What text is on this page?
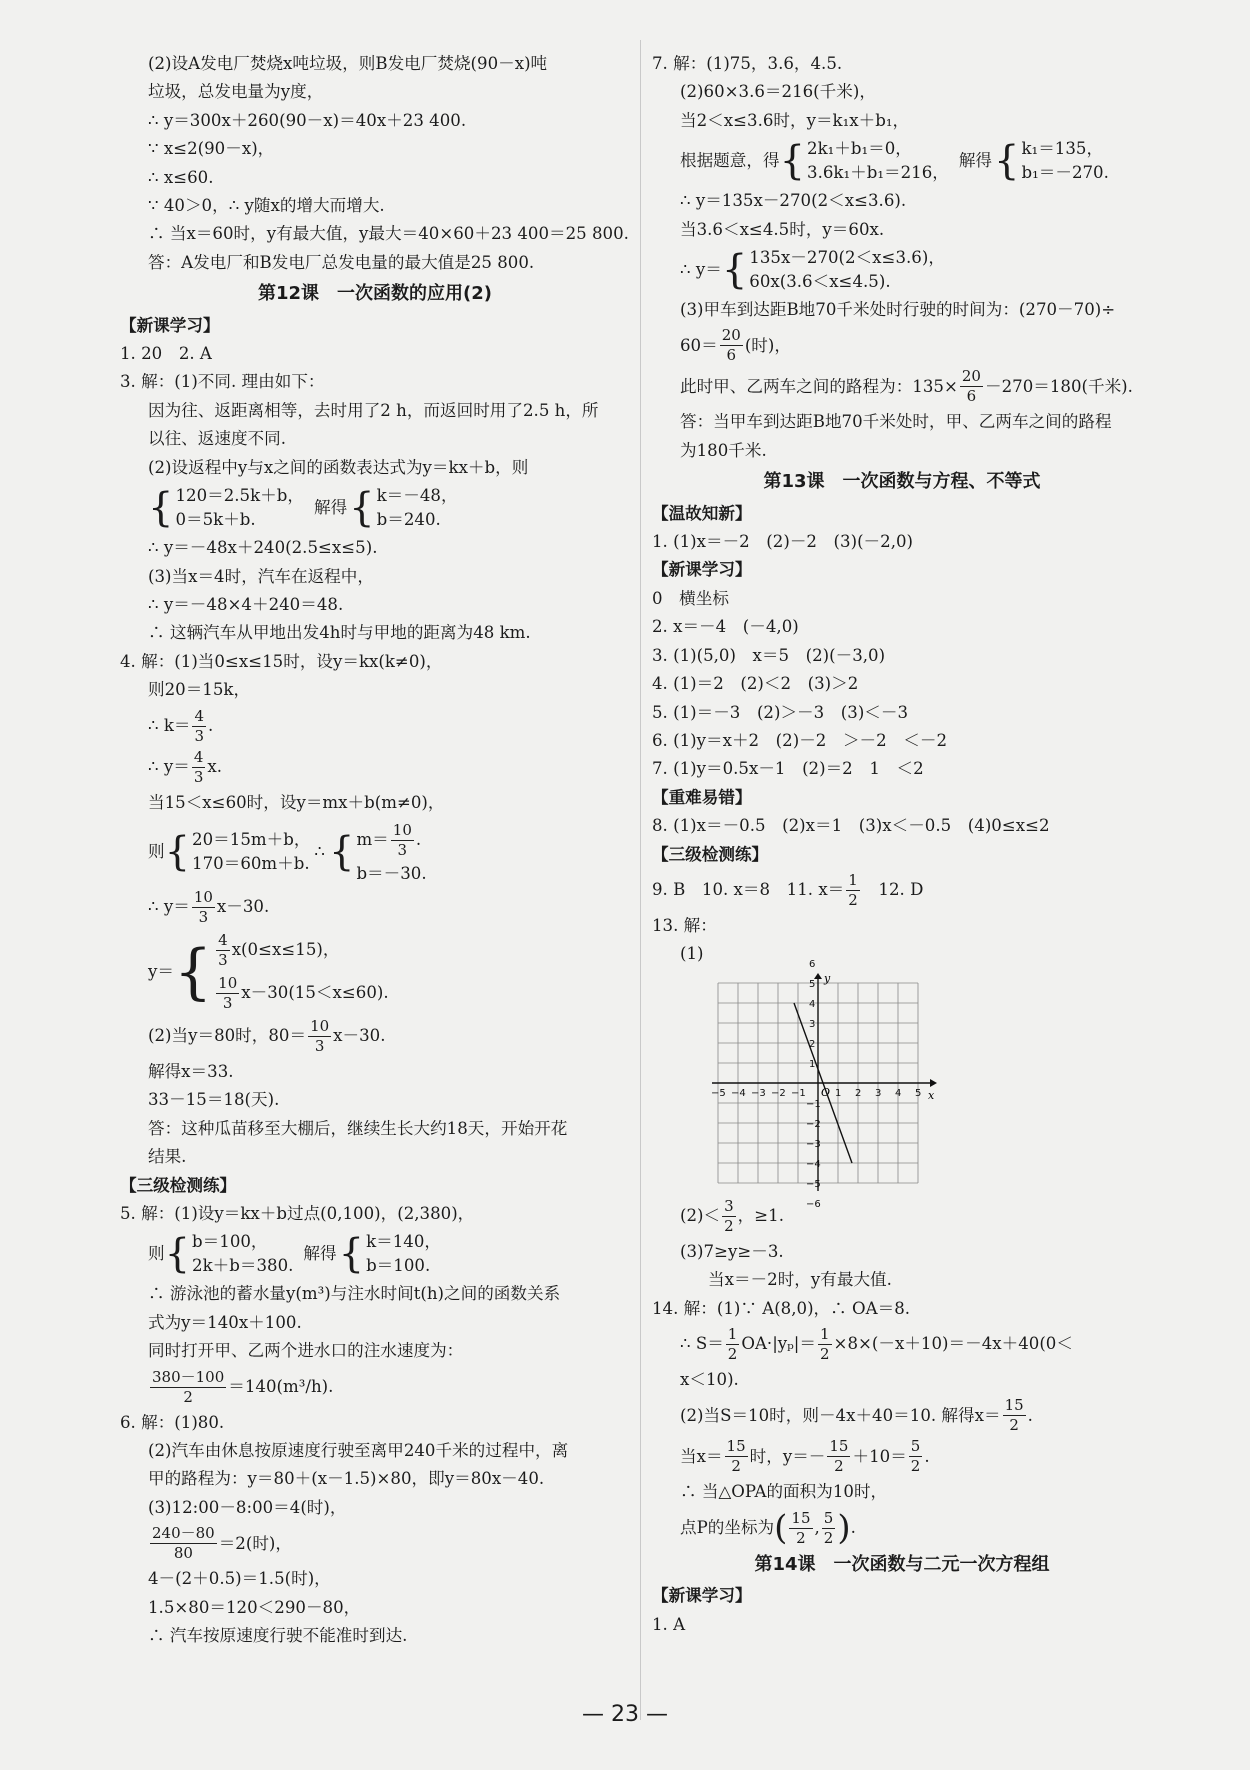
(2)设A发电厂焚烧x吨垃圾，则B发电厂焚烧(90－x)吨
垃圾，总发电量为y度，
∴ y＝300x＋260(90－x)＝40x＋23 400.
∵ x≤2(90－x)，
∴ x≤60.
∵ 40＞0，∴ y随x的增大而增大.
∴ 当x＝60时，y有最大值，y最大＝40×60＋23 400＝25 800.
答：A发电厂和B发电厂总发电量的最大值是25 800.
第12课　一次函数的应用(2)
【新课学习】
1. 20　2. A
3. 解：(1)不同. 理由如下：
因为往、返距离相等，去时用了2 h，而返回时用了2.5 h，所
以往、返速度不同.
(2)设返程中y与x之间的函数表达式为y＝kx＋b，则
{ 120＝2.5k＋b，
0＝5k＋b.
解得 { k＝－48，
b＝240.
∴ y＝－48x＋240(2.5≤x≤5).
(3)当x＝4时，汽车在返程中，
∴ y＝－48×4＋240＝48.
∴ 这辆汽车从甲地出发4h时与甲地的距离为48 km.
4. 解：(1)当0≤x≤15时，设y＝kx(k≠0)，
则20＝15k，
∴ $k= \frac{4}{3}$ .
∴ $y= \frac{4}{3} x$.
当15＜x≤60时，设y＝mx＋b(m≠0)，
则 { 20＝15m＋b，
170＝60m＋b.
∴ { $m= \frac{10}{3}$ .
b＝－30.
∴ $y= \frac{10}{3} x-30$.
y＝ { $\frac{4}{3} x(0\le x\le 15)$，
$\frac{10}{3} x-30(15<x\le 60)$.
(2)当y＝80时，$80= \frac{10}{3} x-30$.
解得x＝33.
33－15＝18(天).
答：这种瓜苗移至大棚后，继续生长大约18天，开始开花
结果.
【三级检测练】
5. 解：(1)设y＝kx＋b过点(0,100)，(2,380)，
则 { b＝100，
2k＋b＝380.
解得 { k＝140，
b＝100.
∴ 游泳池的蓄水量y(m³)与注水时间t(h)之间的函数关系
式为y＝140x＋100.
同时打开甲、乙两个进水口的注水速度为：
$\frac{380-100}{2} =140(m^3/h)$.
6. 解：(1)80.
(2)汽车由休息按原速度行驶至离甲240千米的过程中，离
甲的路程为：y＝80＋(x－1.5)×80，即y＝80x－40.
(3)12:00－8:00＝4(时)，
$\frac{240-80}{80} =2$(时)，
4－(2＋0.5)＝1.5(时)，
1.5×80＝120＜290－80，
∴ 汽车按原速度行驶不能准时到达.
7. 解：(1)75，3.6，4.5.
(2)60×3.6＝216(千米)，
当2＜x≤3.6时，y＝k₁x＋b₁，
根据题意，得 { 2k₁＋b₁＝0，
3.6k₁＋b₁＝216，
解得 { k₁＝135，
b₁＝－270.
∴ y＝135x－270(2＜x≤3.6).
当3.6＜x≤4.5时，y＝60x.
∴ y＝ { 135x－270(2＜x≤3.6)，
60x(3.6＜x≤4.5).
(3)甲车到达距B地70千米处时行驶的时间为：(270－70)÷
$60= \frac{20}{6}$ (时)，
此时甲、乙两车之间的路程为：$135\times \frac{20}{6} -270=180$(千米).
答：当甲车到达距B地70千米处时，甲、乙两车之间的路程
为180千米.
第13课　一次函数与方程、不等式
【温故知新】
1. (1)x＝－2　(2)－2　(3)(－2,0)
【新课学习】
0　横坐标
2. x＝－4　(－4,0)
3. (1)(5,0)　x＝5　(2)(－3,0)
4. (1)＝2　(2)＜2　(3)＞2
5. (1)＝－3　(2)＞－3　(3)＜－3
6. (1)y＝x＋2　(2)－2　＞－2　＜－2
7. (1)y＝0.5x－1　(2)＝2　1　＜2
【重难易错】
8. (1)x＝－0.5　(2)x＝1　(3)x＜－0.5　(4)0≤x≤2
【三级检测练】
9. B　10. x＝8　11. $x= \frac{1}{2}$ 　12. D
13. 解：
(1)
x
y
O
−5 −4 −3 −2 −1	1 2 3 4 5
−6
−5
−4
−3
−2
−1
1
2
3
4
5
6
$(2)< \frac{3}{2}$ ，≥1.
(3)7≥y≥－3.
当x＝－2时，y有最大值.
14. 解：(1)∵ A(8,0)，∴ OA＝8.
∴ $S= \frac{1}{2} OA\cdot|y_p|= \frac{1}{2} \times 8\times(-x+10)=-4x+40(0<$
x＜10).
(2)当S＝10时，则－4x＋40＝10. 解得$x= \frac{15}{2}$ .
当$x= \frac{15}{2}$ 时，$y=- \frac{15}{2} +10= \frac{5}{2}$ .
∴ 当△OPA的面积为10时，
点P的坐标为 ( $\frac{15}{2}$ , $\frac{5}{2}$ ) .
第14课　一次函数与二元一次方程组
【新课学习】
1. A
— 23 —
